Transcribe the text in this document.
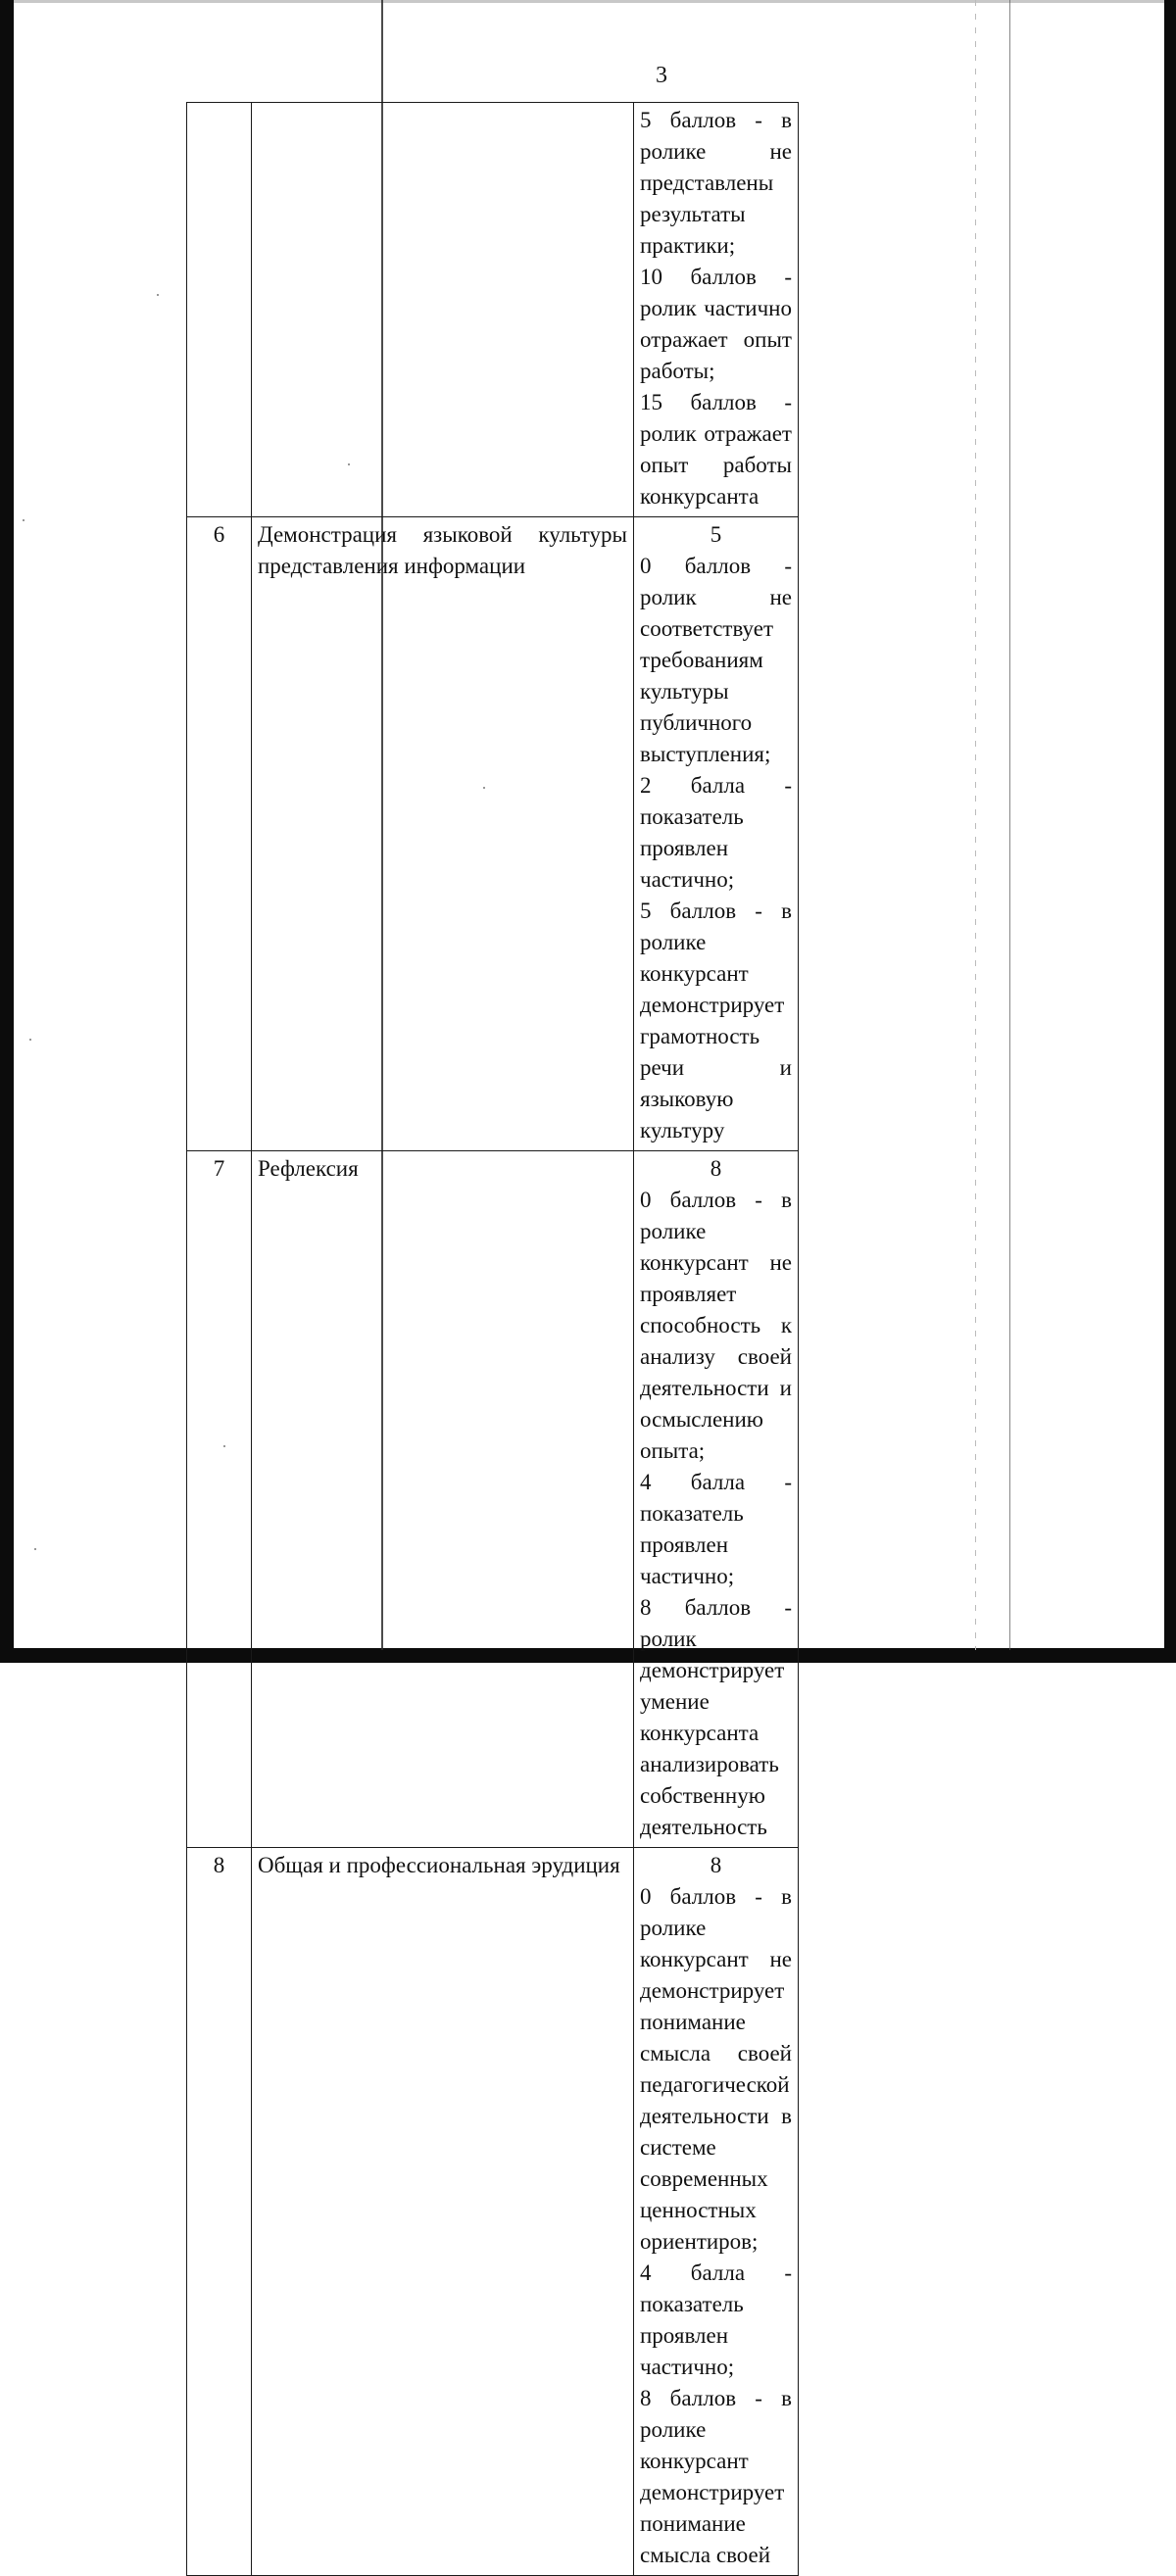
3

			5 баллов - в ролике не представлены результаты практики;
10 баллов - ролик частично отражает опыт работы;
15 баллов - ролик отражает опыт работы конкурсанта

6	Демонстрация языковой культуры представления информации		5
0 баллов - ролик не соответствует требованиям культуры публичного выступления;
2 балла - показатель проявлен частично;
5 баллов - в ролике конкурсант демонстрирует грамотность речи и языковую культуру

7	Рефлексия		8
0 баллов - в ролике конкурсант не проявляет способность к анализу своей деятельности и осмыслению опыта;
4 балла - показатель проявлен частично;
8 баллов - ролик демонстрирует умение конкурсанта анализировать собственную деятельность

8	Общая и профессиональная эрудиция		8
0 баллов - в ролике конкурсант не демонстрирует понимание смысла своей педагогической деятельности в системе современных ценностных ориентиров;
4 балла - показатель проявлен частично;
8 баллов - в ролике конкурсант демонстрирует понимание смысла своей
